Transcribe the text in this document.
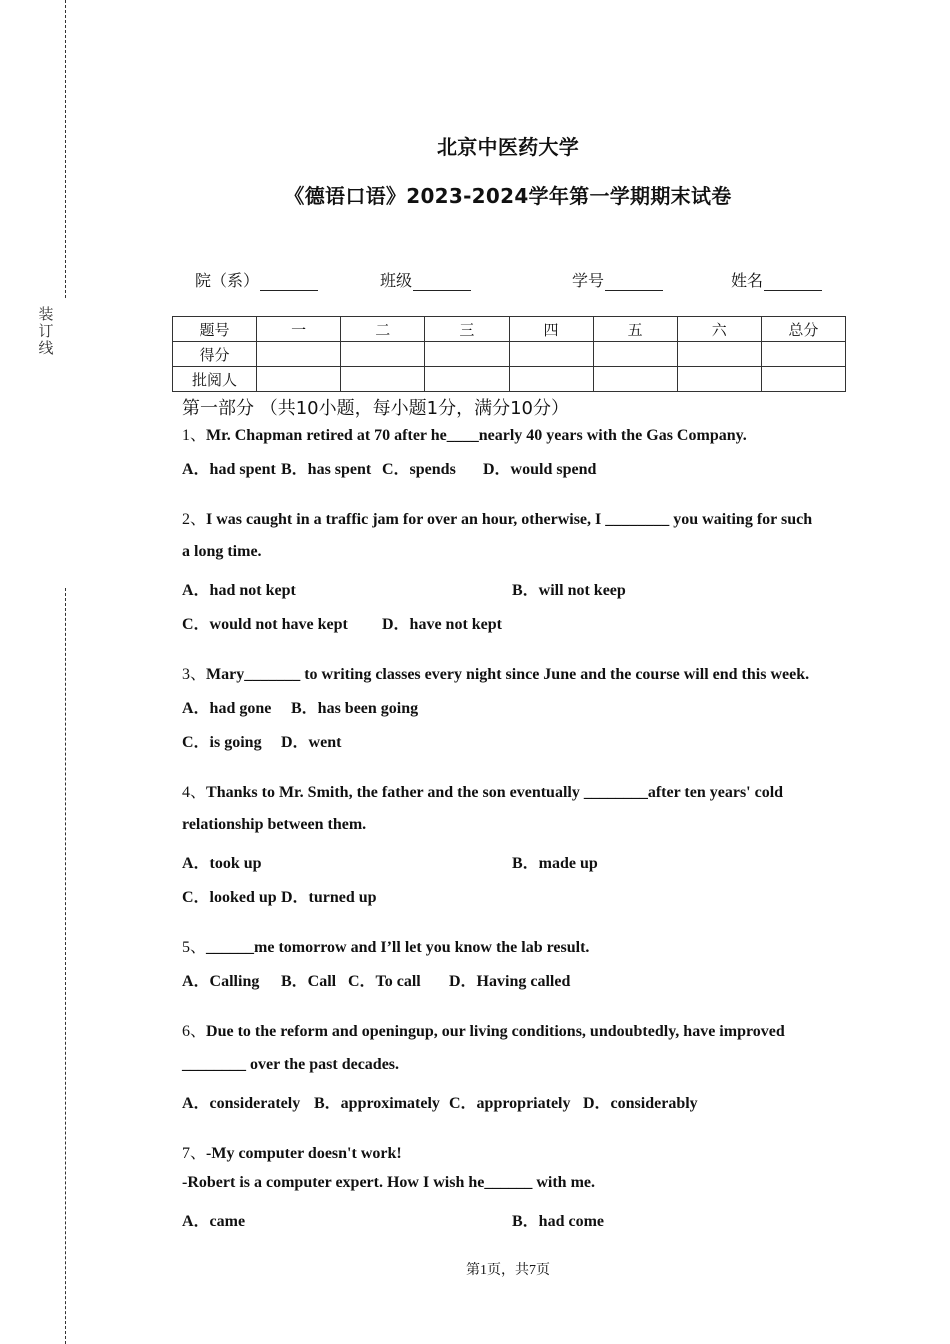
装
订
线
北京中医药大学
《德语口语》2023-2024学年第一学期期末试卷
院（系）	班级	学号	姓名
题号	一	二	三	四	五	六	总分
得分							
批阅人							
第一部分 （共10小题，每小题1分，满分10分）
1、Mr. Chapman retired at 70 after he____nearly 40 years with the Gas Company.
A．had spent B．has spent C．spends D．would spend
2、I was caught in a traffic jam for over an hour, otherwise, I ________ you waiting for such
a long time.
A．had not kept	B．will not keep
C．would not have kept D．have not kept
3、Mary_______ to writing classes every night since June and the course will end this week.
A．had gone B．has been going
C．is going D．went
4、Thanks to Mr. Smith, the father and the son eventually ________after ten years' cold
relationship between them.
A．took up	B．made up
C．looked up D．turned up
5、______me tomorrow and I’ll let you know the lab result.
A．Calling B．Call C．To call D．Having called
6、Due to the reform and openingup, our living conditions, undoubtedly, have improved
________ over the past decades.
A．considerately B．approximately C．appropriately D．considerably
7、-My computer doesn't work!
-Robert is a computer expert. How I wish he______ with me.
A．came	B．had come
第1页，共7页
